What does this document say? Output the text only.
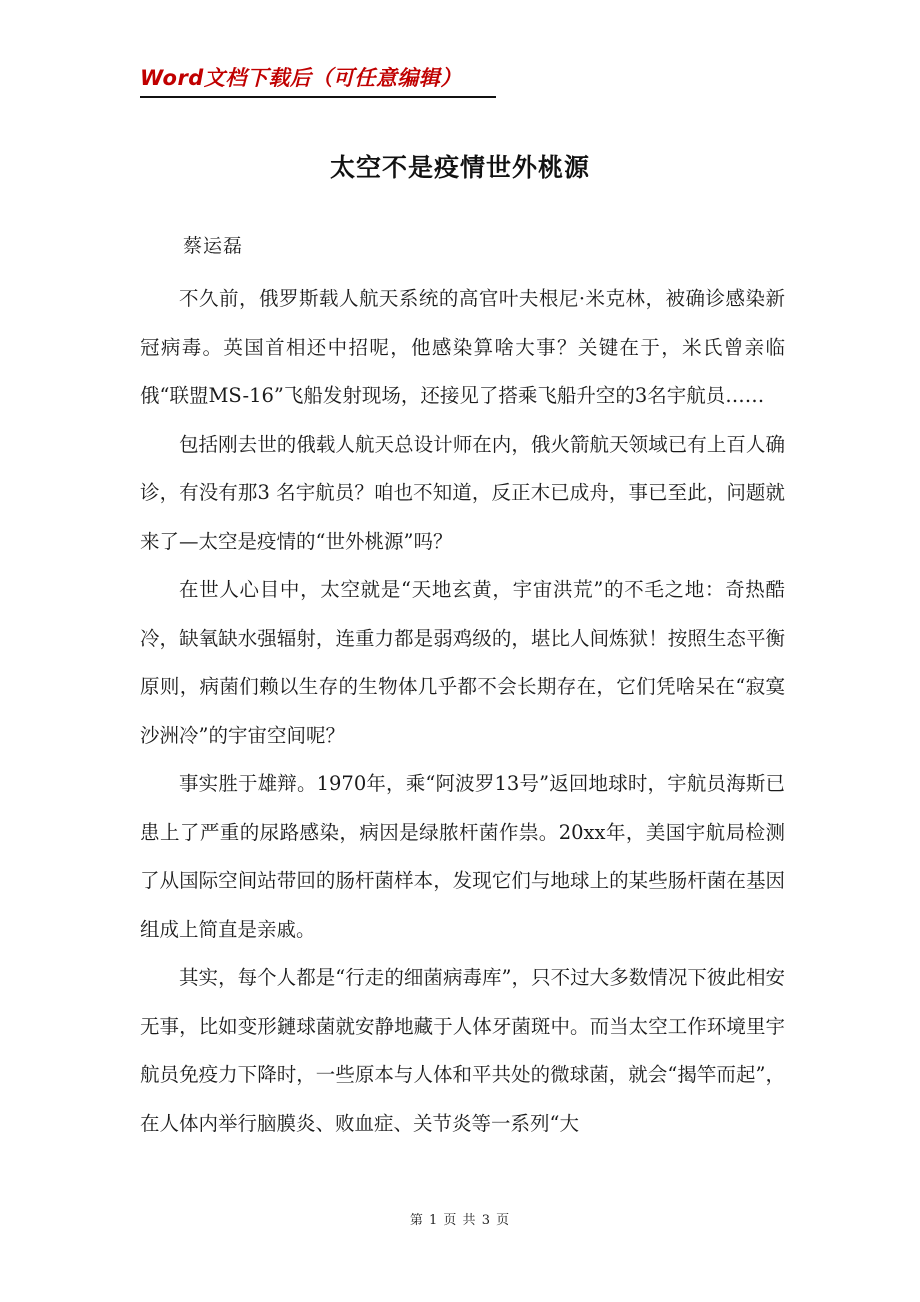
Word文档下载后（可任意编辑）
太空不是疫情世外桃源
蔡运磊

不久前，俄罗斯载人航天系统的高官叶夫根尼·米克林，被确诊感染新冠病毒。英国首相还中招呢，他感染算啥大事？关键在于，米氏曾亲临俄“联盟MS-16”飞船发射现场，还接见了搭乘飞船升空的3名宇航员……

包括刚去世的俄载人航天总设计师在内，俄火箭航天领域已有上百人确诊，有没有那3 名宇航员？咱也不知道，反正木已成舟，事已至此，问题就来了—太空是疫情的“世外桃源”吗？

在世人心目中，太空就是“天地玄黄，宇宙洪荒”的不毛之地：奇热酷冷，缺氧缺水强辐射，连重力都是弱鸡级的，堪比人间炼狱！按照生态平衡原则，病菌们赖以生存的生物体几乎都不会长期存在，它们凭啥呆在“寂寞沙洲冷”的宇宙空间呢？

事实胜于雄辩。1970年，乘“阿波罗13号”返回地球时，宇航员海斯已患上了严重的尿路感染，病因是绿脓杆菌作祟。20xx年，美国宇航局检测了从国际空间站带回的肠杆菌样本，发现它们与地球上的某些肠杆菌在基因组成上简直是亲戚。

其实，每个人都是“行走的细菌病毒库”，只不过大多数情况下彼此相安无事，比如变形鏈球菌就安静地藏于人体牙菌斑中。而当太空工作环境里宇航员免疫力下降时，一些原本与人体和平共处的微球菌，就会“揭竿而起”，在人体内举行脑膜炎、败血症、关节炎等一系列“大

第 1 页 共 3 页
